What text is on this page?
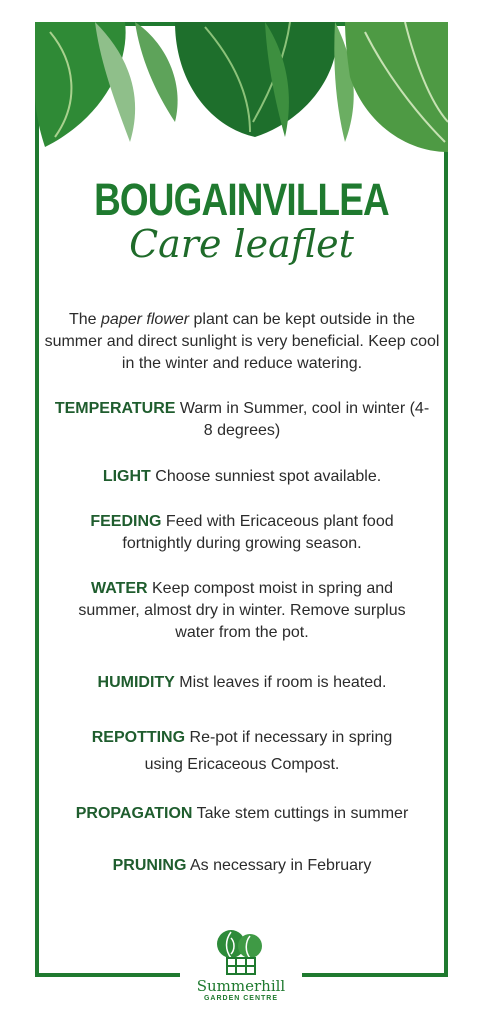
BOUGAINVILLEA
Care leaflet
The paper flower plant can be kept outside in the summer and direct sunlight is very beneficial. Keep cool in the winter and reduce watering.
TEMPERATURE Warm in Summer, cool in winter (4-8 degrees)
LIGHT Choose sunniest spot available.
FEEDING Feed with Ericaceous plant food fortnightly during growing season.
WATER Keep compost moist in spring and summer, almost dry in winter. Remove surplus water from the pot.
HUMIDITY Mist leaves if room is heated.
REPOTTING Re-pot if necessary in spring using Ericaceous Compost.
PROPAGATION Take stem cuttings in summer
PRUNING As necessary in February
Summerhill
GARDEN CENTRE
